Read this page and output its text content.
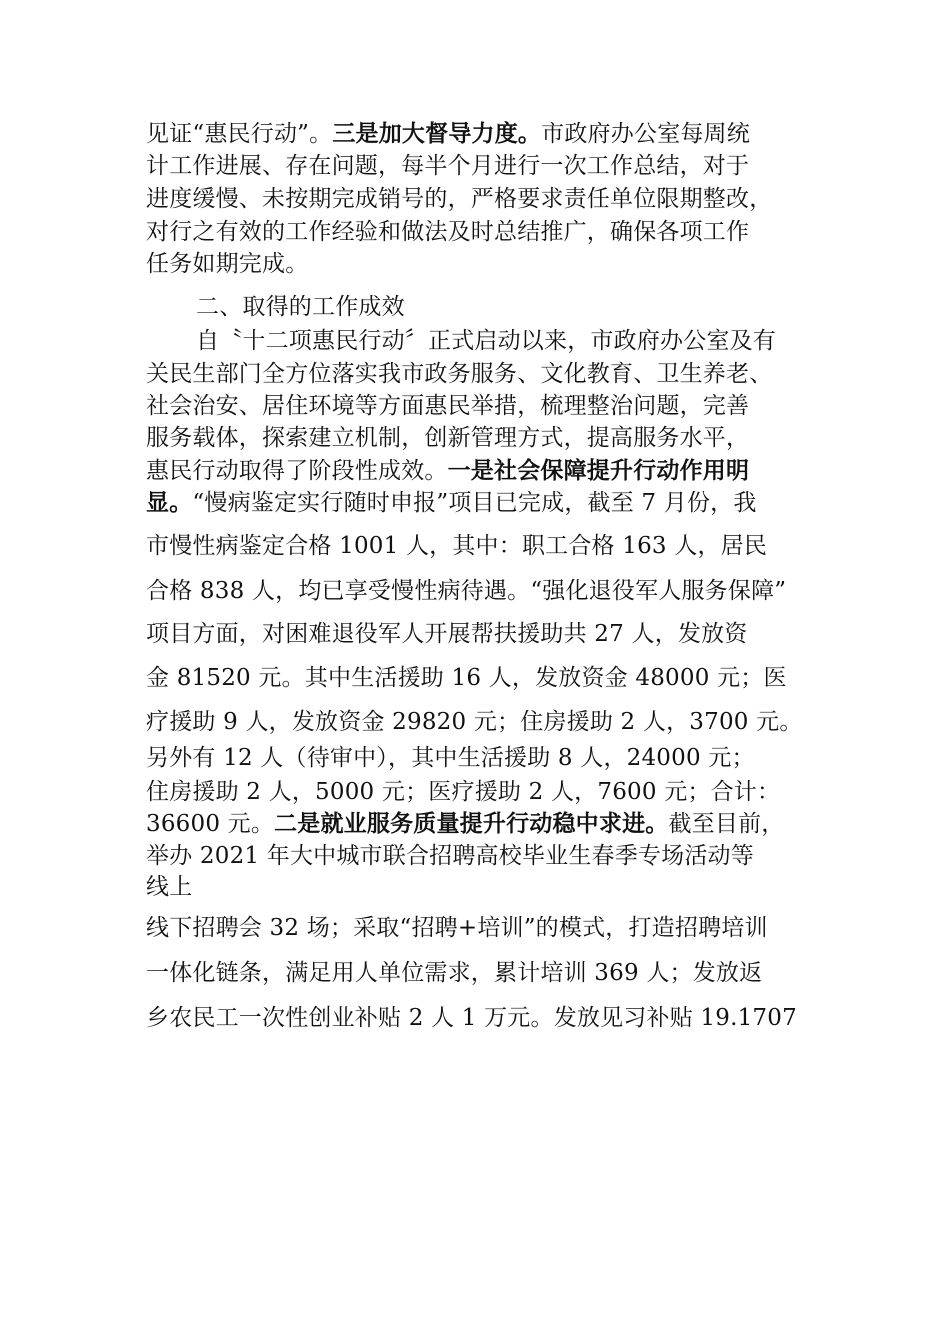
见证“惠民行动”。三是加大督导力度。市政府办公室每周统
计工作进展、存在问题，每半个月进行一次工作总结，对于
进度缓慢、未按期完成销号的，严格要求责任单位限期整改，
对行之有效的工作经验和做法及时总结推广，确保各项工作
任务如期完成。
二、取得的工作成效
自〝十二项惠民行动〞正式启动以来，市政府办公室及有
关民生部门全方位落实我市政务服务、文化教育、卫生养老、
社会治安、居住环境等方面惠民举措，梳理整治问题，完善
服务载体，探索建立机制，创新管理方式，提高服务水平，
惠民行动取得了阶段性成效。一是社会保障提升行动作用明
显。“慢病鉴定实行随时申报”项目已完成，截至 7 月份，我
市慢性病鉴定合格 1001 人，其中：职工合格 163 人，居民
合格 838 人，均已享受慢性病待遇。“强化退役军人服务保障”
项目方面，对困难退役军人开展帮扶援助共 27 人，发放资
金 81520 元。其中生活援助 16 人，发放资金 48000 元；医
疗援助 9 人，发放资金 29820 元；住房援助 2 人，3700 元。
另外有 12 人（待审中），其中生活援助 8 人，24000 元；
住房援助 2 人，5000 元；医疗援助 2 人，7600 元；合计：
36600 元。二是就业服务质量提升行动稳中求进。截至目前，
举办 2021 年大中城市联合招聘高校毕业生春季专场活动等
线上
线下招聘会 32 场；采取“招聘+培训”的模式，打造招聘培训
一体化链条，满足用人单位需求，累计培训 369 人；发放返
乡农民工一次性创业补贴 2 人 1 万元。发放见习补贴 19.1707
